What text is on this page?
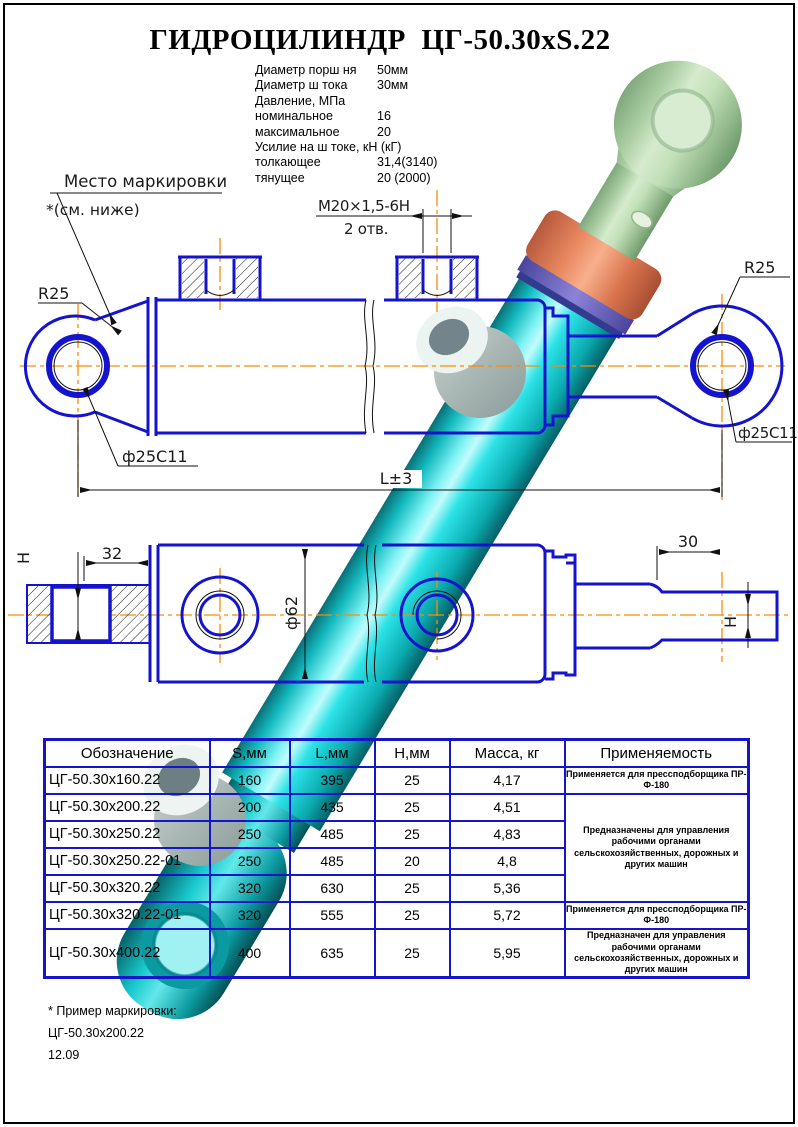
Место маркировки
*(см. ниже)	М20×1,5-6Н
2 отв.
R25
R25
ф25С11
ф25С11
L±3
32
30
ф62
Н
Н
ГИДРОЦИЛИНДР  ЦГ-50.30хS.22
Диаметр порш ня 50мм
Диаметр ш тока 30мм
Давление, МПа
номинальное	16
максимальное	20
Усилие на ш токе, кН (кГ)
толкающее	31,4(3140)
тянущее	20 (2000)
Обозначение	S,мм	L,мм	Н,мм	Масса, кг	Применяемость
ЦГ-50.30х160.22	160	395	25	4,17	Применяется для прессподборщика ПР-Ф-180
ЦГ-50.30х200.22	200	435	25	4,51	Предназначены для управления рабочими органами сельскохозяйственных, дорожных и других машин
ЦГ-50.30х250.22	250	485	25	4,83	
ЦГ-50.30х250.22-01	250	485	20	4,8	
ЦГ-50.30х320.22	320	630	25	5,36	
ЦГ-50.30х320.22-01	320	555	25	5,72	Применяется для прессподборщика ПР-Ф-180
ЦГ-50.30х400.22	400	635	25	5,95	Предназначен для управления рабочими органами сельскохозяйственных, дорожных и других машин
* Пример маркировки:
ЦГ-50.30х200.22
12.09
